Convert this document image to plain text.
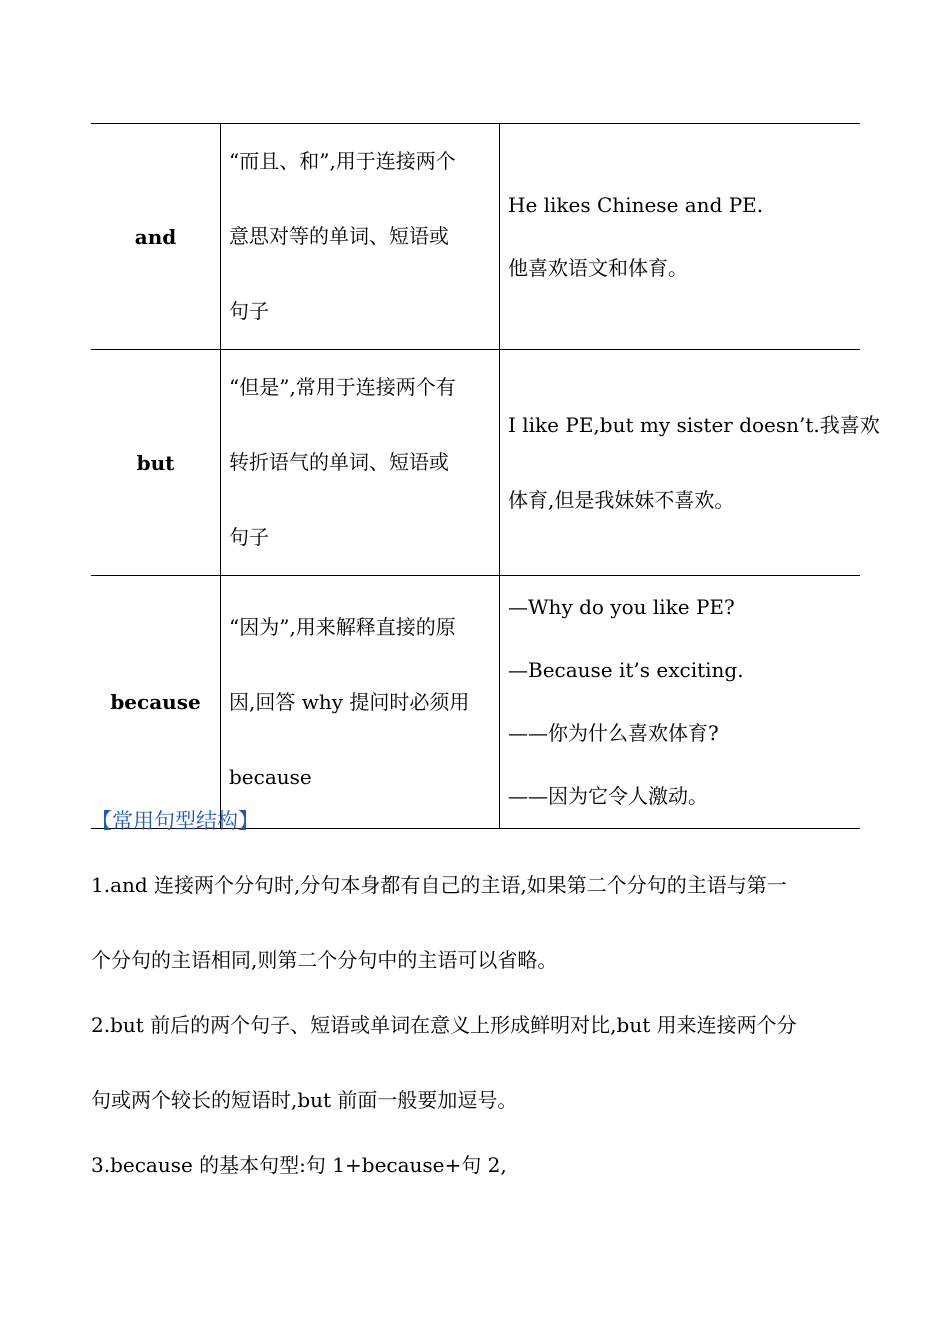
and	“而且、和”,用于连接两个
意思对等的单词、短语或
句子	He likes Chinese and PE.
他喜欢语文和体育。

but	“但是”,常用于连接两个有
转折语气的单词、短语或
句子	I like PE,but my sister doesn’t.我喜欢
体育,但是我妹妹不喜欢。

because	“因为”,用来解释直接的原
因,回答 why 提问时必须用
because	—Why do you like PE?
—Because it’s exciting.
——你为什么喜欢体育?
——因为它令人激动。
【常用句型结构】
1.and 连接两个分句时,分句本身都有自己的主语,如果第二个分句的主语与第一
个分句的主语相同,则第二个分句中的主语可以省略。
2.but 前后的两个句子、短语或单词在意义上形成鲜明对比,but 用来连接两个分
句或两个较长的短语时,but 前面一般要加逗号。
3.because 的基本句型:句 1+because+句 2,
